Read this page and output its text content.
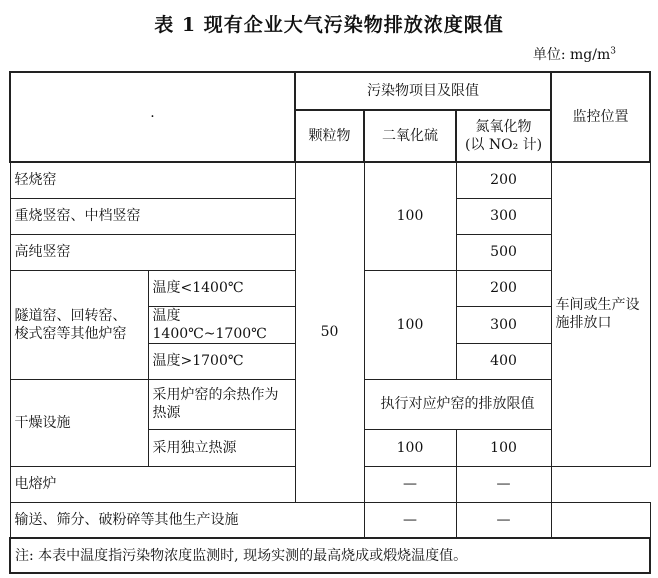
表 1 现有企业大气污染物排放浓度限值
单位: $mg/m^3$
·		污染物项目及限值			监控位置
		颗粒物	二氧化硫	氮氧化物
(以 NO₂ 计)	
轻烧窑		50	100	200	车间或生产设
施排放口
重烧竖窑、中档竖窑				300	
高纯竖窑				500	
隧道窑、回转窑、
梭式窑等其他炉窑	温度<1400℃		100	200	
	温度1400℃~1700℃			300	
	温度>1700℃			400	
干燥设施	采用炉窑的余热作为
热源		执行对应炉窑的排放限值		
	采用独立热源		100	100	
电熔炉			—	—	
输送、筛分、破粉碎等其他生产设施			—	—	
注: 本表中温度指污染物浓度监测时, 现场实测的最高烧成或煅烧温度值。					
